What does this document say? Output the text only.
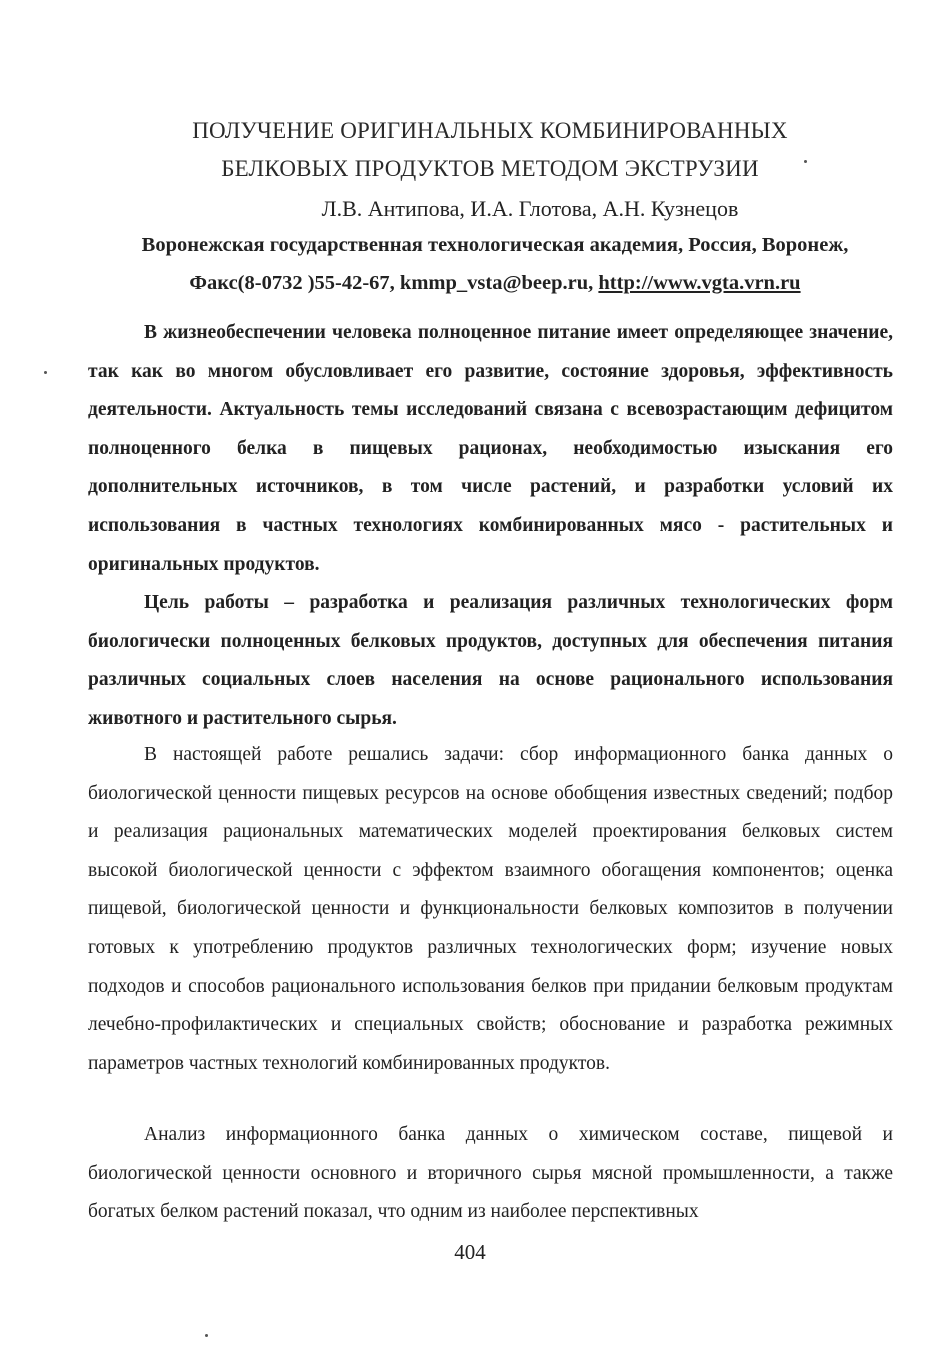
ПОЛУЧЕНИЕ ОРИГИНАЛЬНЫХ КОМБИНИРОВАННЫХ
БЕЛКОВЫХ ПРОДУКТОВ МЕТОДОМ ЭКСТРУЗИИ
Л.В. Антипова, И.А. Глотова, А.Н. Кузнецов
Воронежская государственная технологическая академия, Россия, Воронеж,
Факс(8-0732 )55-42-67, kmmp_vsta@beep.ru, http://www.vgta.vrn.ru
В жизнеобеспечении человека полноценное питание имеет определяющее значение, так как во многом обусловливает его развитие, состояние здоровья, эффективность деятельности. Актуальность темы исследований связана с всевозрастающим дефицитом полноценного белка в пищевых рационах, необходимостью изыскания его дополнительных источников, в том числе растений, и разработки условий их использования в частных технологиях комбинированных мясо - растительных и оригинальных продуктов.
Цель работы – разработка и реализация различных технологических форм биологически полноценных белковых продуктов, доступных для обеспечения питания различных социальных слоев населения на основе рационального использования животного и растительного сырья.
В настоящей работе решались задачи: сбор информационного банка данных о биологической ценности пищевых ресурсов на основе обобщения известных сведений; подбор и реализация рациональных математических моделей проектирования белковых систем высокой биологической ценности с эффектом взаимного обогащения компонентов; оценка пищевой, биологической ценности и функциональности белковых композитов в получении готовых к употреблению продуктов различных технологических форм; изучение новых подходов и способов рационального использования белков при придании белковым продуктам лечебно-профилактических и специальных свойств; обоснование и разработка режимных параметров частных технологий комбинированных продуктов.
Анализ информационного банка данных о химическом составе, пищевой и биологической ценности основного и вторичного сырья мясной промышленности, а также богатых белком растений показал, что одним из наиболее перспективных
404
